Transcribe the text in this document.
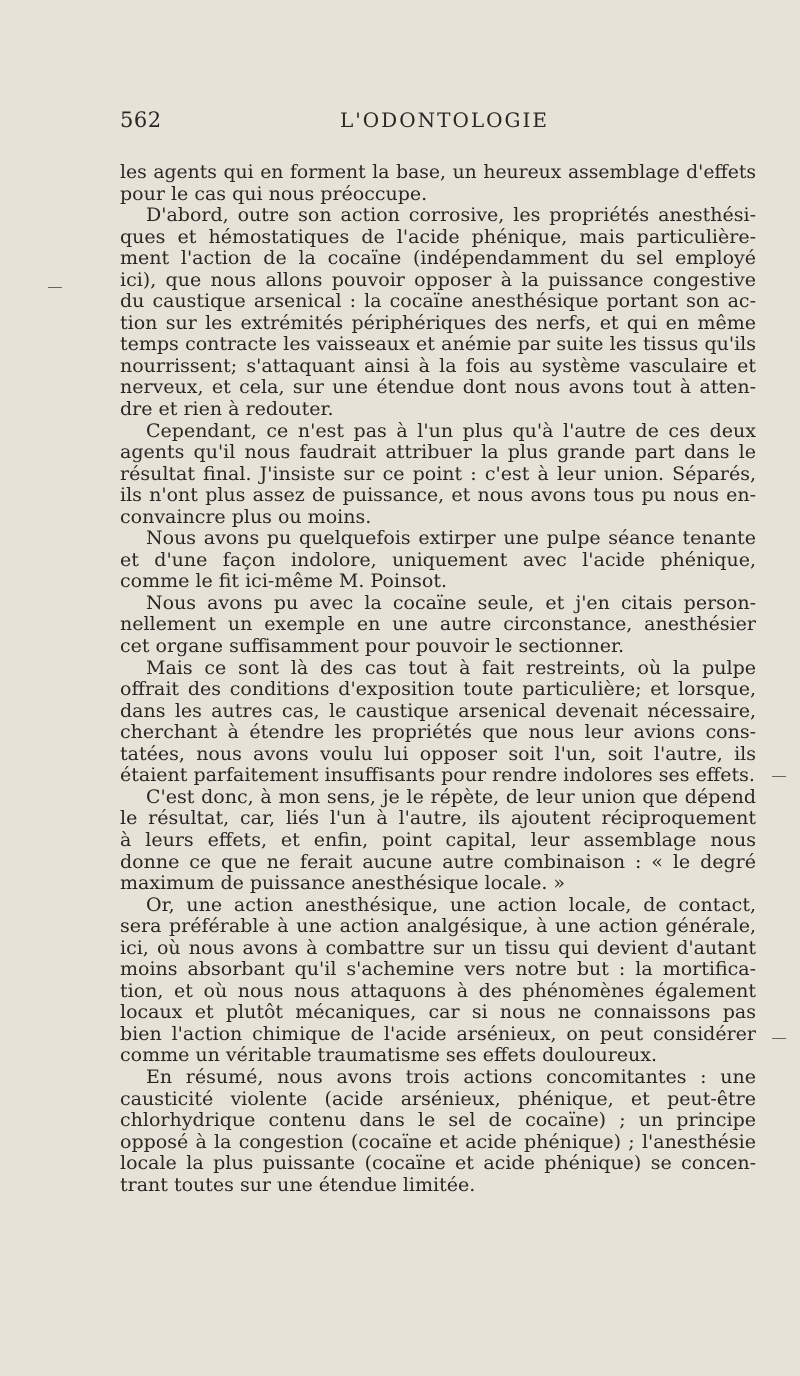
562	L'ODONTOLOGIE
les agents qui en forment la base, un heureux assemblage d'effets
pour le cas qui nous préoccupe.
D'abord, outre son action corrosive, les propriétés anesthési-
ques et hémostatiques de l'acide phénique, mais particulière-
ment l'action de la cocaïne (indépendamment du sel employé
ici), que nous allons pouvoir opposer à la puissance congestive
du caustique arsenical : la cocaïne anesthésique portant son ac-
tion sur les extrémités périphériques des nerfs, et qui en même
temps contracte les vaisseaux et anémie par suite les tissus qu'ils
nourrissent; s'attaquant ainsi à la fois au système vasculaire et
nerveux, et cela, sur une étendue dont nous avons tout à atten-
dre et rien à redouter.
Cependant, ce n'est pas à l'un plus qu'à l'autre de ces deux
agents qu'il nous faudrait attribuer la plus grande part dans le
résultat final. J'insiste sur ce point : c'est à leur union. Séparés,
ils n'ont plus assez de puissance, et nous avons tous pu nous en-
convaincre plus ou moins.
Nous avons pu quelquefois extirper une pulpe séance tenante
et d'une façon indolore, uniquement avec l'acide phénique,
comme le fit ici-même M. Poinsot.
Nous avons pu avec la cocaïne seule, et j'en citais person-
nellement un exemple en une autre circonstance, anesthésier
cet organe suffisamment pour pouvoir le sectionner.
Mais ce sont là des cas tout à fait restreints, où la pulpe
offrait des conditions d'exposition toute particulière; et lorsque,
dans les autres cas, le caustique arsenical devenait nécessaire,
cherchant à étendre les propriétés que nous leur avions cons-
tatées, nous avons voulu lui opposer soit l'un, soit l'autre, ils
étaient parfaitement insuffisants pour rendre indolores ses effets.
C'est donc, à mon sens, je le répète, de leur union que dépend
le résultat, car, liés l'un à l'autre, ils ajoutent réciproquement
à leurs effets, et enfin, point capital, leur assemblage nous
donne ce que ne ferait aucune autre combinaison : « le degré
maximum de puissance anesthésique locale. »
Or, une action anesthésique, une action locale, de contact,
sera préférable à une action analgésique, à une action générale,
ici, où nous avons à combattre sur un tissu qui devient d'autant
moins absorbant qu'il s'achemine vers notre but : la mortifica-
tion, et où nous nous attaquons à des phénomènes également
locaux et plutôt mécaniques, car si nous ne connaissons pas
bien l'action chimique de l'acide arsénieux, on peut considérer
comme un véritable traumatisme ses effets douloureux.
En résumé, nous avons trois actions concomitantes : une
causticité violente (acide arsénieux, phénique, et peut-être
chlorhydrique contenu dans le sel de cocaïne) ; un principe
opposé à la congestion (cocaïne et acide phénique) ; l'anesthésie
locale la plus puissante (cocaïne et acide phénique) se concen-
trant toutes sur une étendue limitée.
